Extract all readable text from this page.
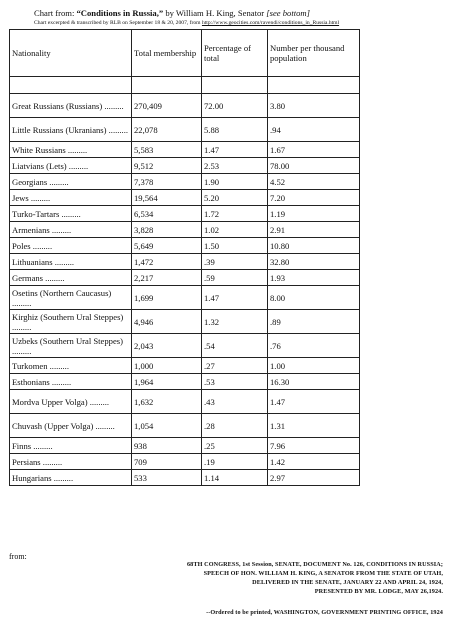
Chart from: “Conditions in Russia,” by William H. King, Senator [see bottom]
Chart excerpted & transcribed by RLB on September 18 & 20, 2007, from http://www.geocities.com/ravendi/conditions_in_Russia.html
Nationality	Total membership	Percentage of total	Number per thousand population

Great Russians (Russians) .........	270,409	72.00	3.80
Little Russians (Ukranians) .........	22,078	5.88	.94
White Russians .........	5,583	1.47	1.67
Liatvians (Lets) .........	9,512	2.53	78.00
Georgians .........	7,378	1.90	4.52
Jews .........	19,564	5.20	7.20
Turko-Tartars .........	6,534	1.72	1.19
Armenians .........	3,828	1.02	2.91
Poles .........	5,649	1.50	10.80
Lithuanians .........	1,472	.39	32.80
Germans .........	2,217	.59	1.93
Osetins (Northern Caucasus) .........	1,699	1.47	8.00
Kirghiz (Southern Ural Steppes) .........	4,946	1.32	.89
Uzbeks (Southern Ural Steppes) .........	2,043	.54	.76
Turkomen .........	1,000	.27	1.00
Esthonians .........	1,964	.53	16.30
Mordva Upper Volga) .........	1,632	.43	1.47
Chuvash (Upper Volga) .........	1,054	.28	1.31
Finns .........	938	.25	7.96
Persians .........	709	.19	1.42
Hungarians .........	533	1.14	2.97
from:
68TH CONGRESS, 1st Session, SENATE, DOCUMENT No. 126, CONDITIONS IN RUSSIA;
SPEECH OF HON. WILLIAM H. KING, A SENATOR FROM THE STATE OF UTAH,
DELIVERED IN THE SENATE, JANUARY 22 AND APRIL 24, 1924,
PRESENTED BY MR. LODGE, MAY 26,1924.
--Ordered to be printed, WASHINGTON, GOVERNMENT PRINTING OFFICE, 1924
